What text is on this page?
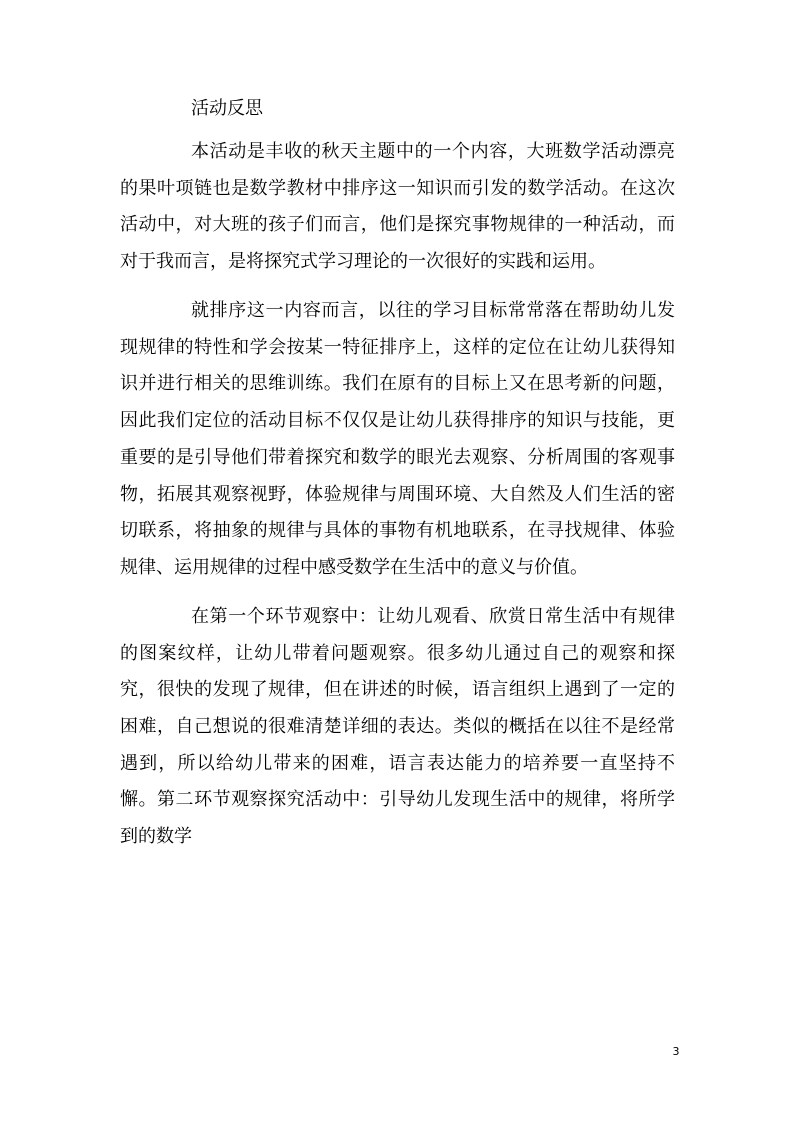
活动反思

本活动是丰收的秋天主题中的一个内容，大班数学活动漂亮的果叶项链也是数学教材中排序这一知识而引发的数学活动。在这次活动中，对大班的孩子们而言，他们是探究事物规律的一种活动，而对于我而言，是将探究式学习理论的一次很好的实践和运用。

就排序这一内容而言，以往的学习目标常常落在帮助幼儿发现规律的特性和学会按某一特征排序上，这样的定位在让幼儿获得知识并进行相关的思维训练。我们在原有的目标上又在思考新的问题，因此我们定位的活动目标不仅仅是让幼儿获得排序的知识与技能，更重要的是引导他们带着探究和数学的眼光去观察、分析周围的客观事物，拓展其观察视野，体验规律与周围环境、大自然及人们生活的密切联系，将抽象的规律与具体的事物有机地联系，在寻找规律、体验规律、运用规律的过程中感受数学在生活中的意义与价值。

在第一个环节观察中：让幼儿观看、欣赏日常生活中有规律的图案纹样，让幼儿带着问题观察。很多幼儿通过自己的观察和探究，很快的发现了规律，但在讲述的时候，语言组织上遇到了一定的困难，自己想说的很难清楚详细的表达。类似的概括在以往不是经常遇到，所以给幼儿带来的困难，语言表达能力的培养要一直坚持不懈。第二环节观察探究活动中：引导幼儿发现生活中的规律，将所学到的数学

3
